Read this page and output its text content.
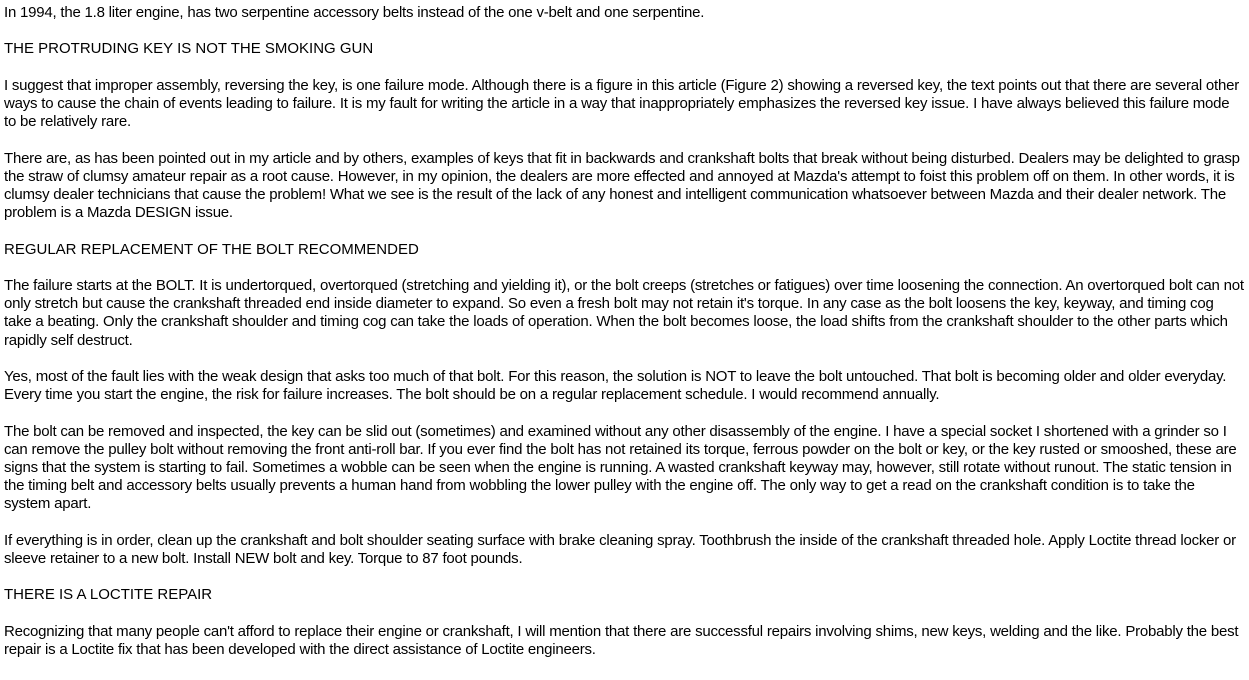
In 1994, the 1.8 liter engine, has two serpentine accessory belts instead of the one v-belt and one serpentine.

THE PROTRUDING KEY IS NOT THE SMOKING GUN

I suggest that improper assembly, reversing the key, is one failure mode. Although there is a figure in this article (Figure 2) showing a reversed key, the text points out that there are several other ways to cause the chain of events leading to failure. It is my fault for writing the article in a way that inappropriately emphasizes the reversed key issue. I have always believed this failure mode to be relatively rare.

There are, as has been pointed out in my article and by others, examples of keys that fit in backwards and crankshaft bolts that break without being disturbed. Dealers may be delighted to grasp the straw of clumsy amateur repair as a root cause. However, in my opinion, the dealers are more effected and annoyed at Mazda's attempt to foist this problem off on them. In other words, it is clumsy dealer technicians that cause the problem! What we see is the result of the lack of any honest and intelligent communication whatsoever between Mazda and their dealer network. The problem is a Mazda DESIGN issue.

REGULAR REPLACEMENT OF THE BOLT RECOMMENDED

The failure starts at the BOLT. It is undertorqued, overtorqued (stretching and yielding it), or the bolt creeps (stretches or fatigues) over time loosening the connection. An overtorqued bolt can not only stretch but cause the crankshaft threaded end inside diameter to expand. So even a fresh bolt may not retain it's torque. In any case as the bolt loosens the key, keyway, and timing cog take a beating. Only the crankshaft shoulder and timing cog can take the loads of operation. When the bolt becomes loose, the load shifts from the crankshaft shoulder to the other parts which rapidly self destruct.

Yes, most of the fault lies with the weak design that asks too much of that bolt. For this reason, the solution is NOT to leave the bolt untouched. That bolt is becoming older and older everyday. Every time you start the engine, the risk for failure increases. The bolt should be on a regular replacement schedule. I would recommend annually.

The bolt can be removed and inspected, the key can be slid out (sometimes) and examined without any other disassembly of the engine. I have a special socket I shortened with a grinder so I can remove the pulley bolt without removing the front anti-roll bar. If you ever find the bolt has not retained its torque, ferrous powder on the bolt or key, or the key rusted or smooshed, these are signs that the system is starting to fail. Sometimes a wobble can be seen when the engine is running. A wasted crankshaft keyway may, however, still rotate without runout. The static tension in the timing belt and accessory belts usually prevents a human hand from wobbling the lower pulley with the engine off. The only way to get a read on the crankshaft condition is to take the system apart.

If everything is in order, clean up the crankshaft and bolt shoulder seating surface with brake cleaning spray. Toothbrush the inside of the crankshaft threaded hole. Apply Loctite thread locker or sleeve retainer to a new bolt. Install NEW bolt and key. Torque to 87 foot pounds.

THERE IS A LOCTITE REPAIR

Recognizing that many people can't afford to replace their engine or crankshaft, I will mention that there are successful repairs involving shims, new keys, welding and the like. Probably the best repair is a Loctite fix that has been developed with the direct assistance of Loctite engineers.
